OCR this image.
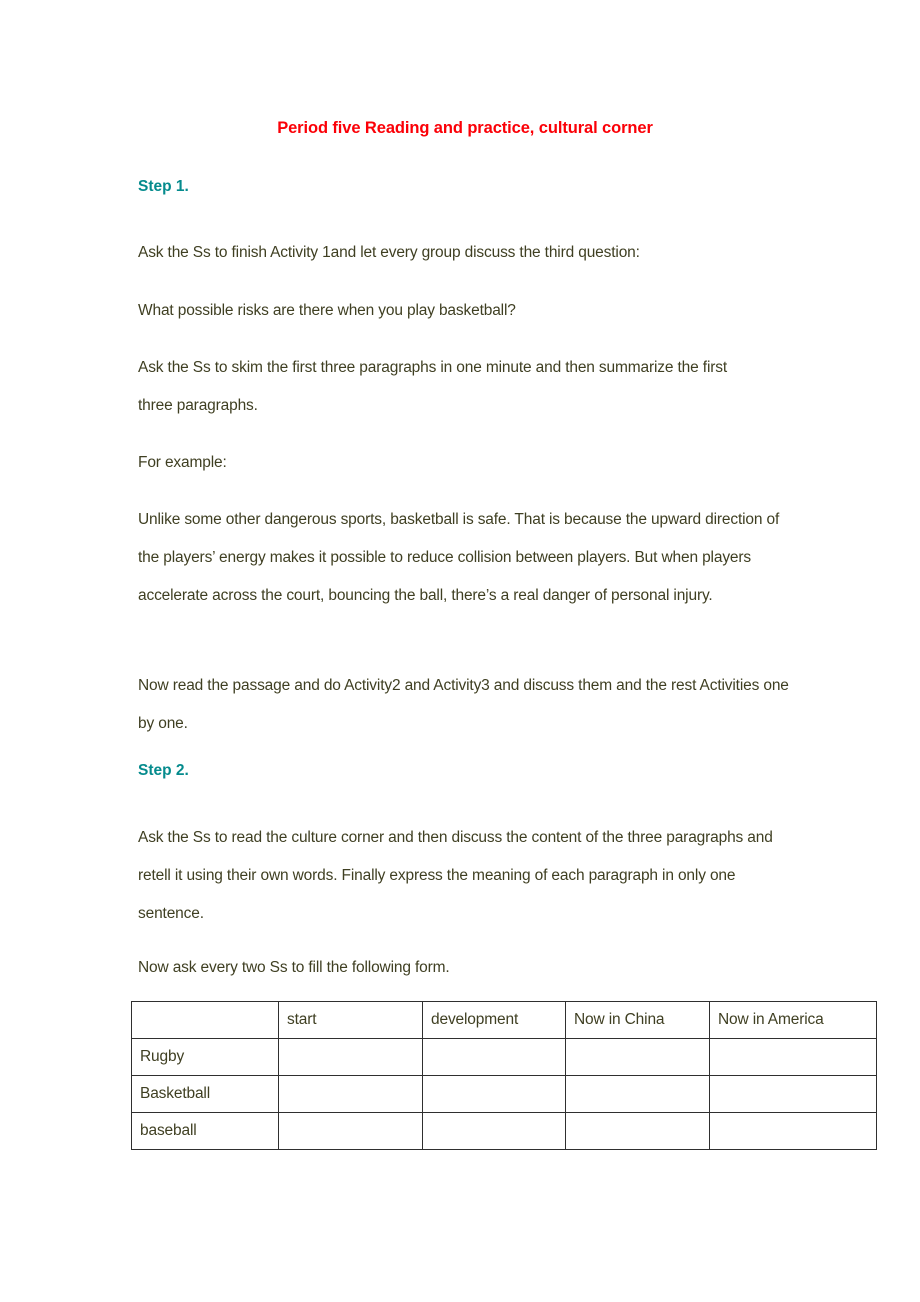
Period five Reading and practice, cultural corner
Step 1.

Ask the Ss to finish Activity 1and let every group discuss the third question:

What possible risks are there when you play basketball?

Ask the Ss to skim the first three paragraphs in one minute and then summarize the first three paragraphs.

For example:

Unlike some other dangerous sports, basketball is safe. That is because the upward direction of the players’ energy makes it possible to reduce collision between players. But when players accelerate across the court, bouncing the ball, there’s a real danger of personal injury.

Now read the passage and do Activity2 and Activity3 and discuss them and the rest Activities one by one.

Step 2.

Ask the Ss to read the culture corner and then discuss the content of the three paragraphs and retell it using their own words. Finally express the meaning of each paragraph in only one sentence.

Now ask every two Ss to fill the following form.

	start	development	Now in China	Now in America
Rugby				
Basketball				
baseball				
